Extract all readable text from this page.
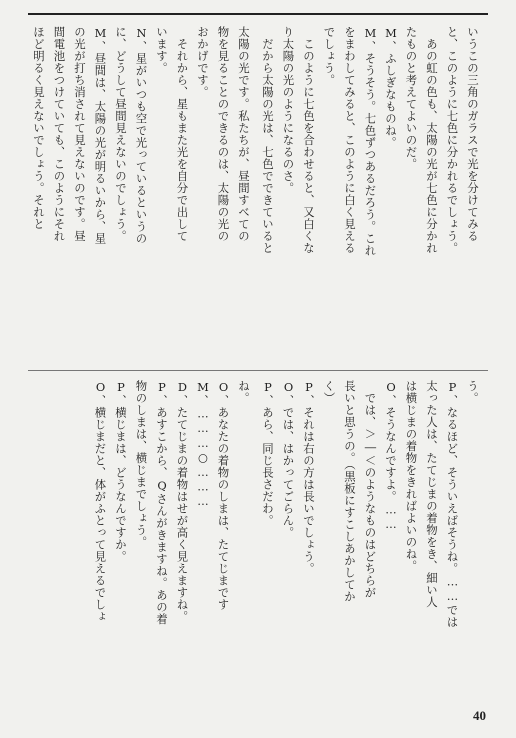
いうこの三角のガラスで光を分けてみる
と、このように七色に分かれるでしょう。
　あの虹の色も、太陽の光が七色に分かれ
たものと考えてよいのだ。
M、ふしぎなものね。
M、そうそう。七色ずつあるだろう。これ
をまわしてみると、このように白く見える
でしょう。
　このように七色を合わせると、又白くな
り太陽の光のようになるのさ。
　だから太陽の光は、七色でできていると

太陽の光です。私たちが、昼間すべての
物を見ることのできるのは、太陽の光の
おかげです。
　それから、星もまた光を自分で出して
います。
N、星がいつも空で光っているというの
に、どうして昼間見えないのでしょう。
M、昼間は、太陽の光が明るいから、星
の光が打ち消されて見えないのです。昼
間電池をつけていても、このようにそれ
ほど明るく見えないでしょう。それと

う。
P、なるほど、そういえばそうね。……では
太った人は、たてじまの着物をき、細い人
は横じまの着物をきればよいのね。
O、そうなんですよ。……
　では、＞―＜のようなものはどちらが
長いと思うの。（黒板にすこしあかしてか
く）
P、それは右の方は長いでしょう。
O、では、はかってごらん。
P、あら、同じ長さだわ。

ね。
O、あなたの着物のしまは、たてじまです
M、………○………
D、たてじまの着物はせが高く見えますね。
P、あすこから、Qさんがきますね。あの着
物のしまは、横じまでしょう。
P、横じまは、どうなんですか。
O、横じまだと、体がふとって見えるでしょ
40
